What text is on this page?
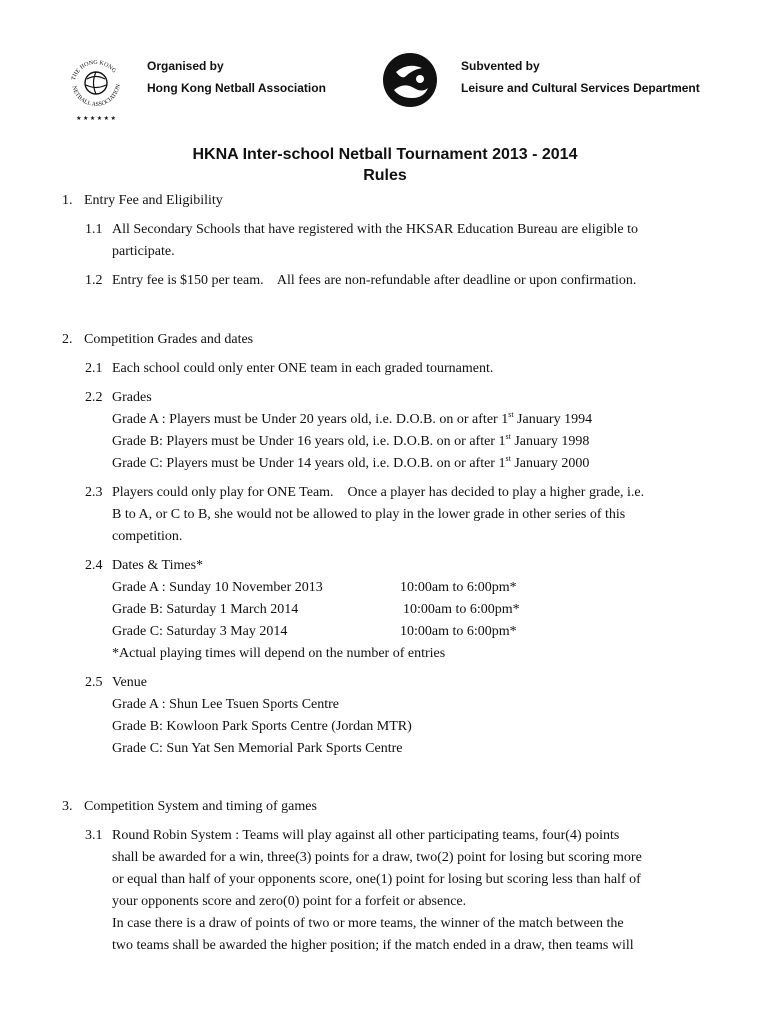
THE HONG KONG
NETBALL ASSOCIATION
★ ★ ★ ★ ★ ★
Organised by
Hong Kong Netball Association
Subvented by
Leisure and Cultural Services Department
HKNA Inter-school Netball Tournament 2013 - 2014
Rules
1. Entry Fee and Eligibility
1.1 All Secondary Schools that have registered with the HKSAR Education Bureau are eligible to
participate.
1.2 Entry fee is $150 per team.    All fees are non-refundable after deadline or upon confirmation.
2. Competition Grades and dates
2.1 Each school could only enter ONE team in each graded tournament.
2.2 Grades
Grade A : Players must be Under 20 years old, i.e. D.O.B. on or after 1st January 1994
Grade B: Players must be Under 16 years old, i.e. D.O.B. on or after 1st January 1998
Grade C: Players must be Under 14 years old, i.e. D.O.B. on or after 1st January 2000
2.3 Players could only play for ONE Team.    Once a player has decided to play a higher grade, i.e.
B to A, or C to B, she would not be allowed to play in the lower grade in other series of this
competition.
2.4 Dates & Times*
Grade A : Sunday 10 November 2013	10:00am to 6:00pm*
Grade B: Saturday 1 March 2014	10:00am to 6:00pm*
Grade C: Saturday 3 May 2014	10:00am to 6:00pm*
*Actual playing times will depend on the number of entries
2.5 Venue
Grade A : Shun Lee Tsuen Sports Centre
Grade B: Kowloon Park Sports Centre (Jordan MTR)
Grade C: Sun Yat Sen Memorial Park Sports Centre
3. Competition System and timing of games
3.1 Round Robin System : Teams will play against all other participating teams, four(4) points
shall be awarded for a win, three(3) points for a draw, two(2) point for losing but scoring more
or equal than half of your opponents score, one(1) point for losing but scoring less than half of
your opponents score and zero(0) point for a forfeit or absence.
In case there is a draw of points of two or more teams, the winner of the match between the
two teams shall be awarded the higher position; if the match ended in a draw, then teams will
